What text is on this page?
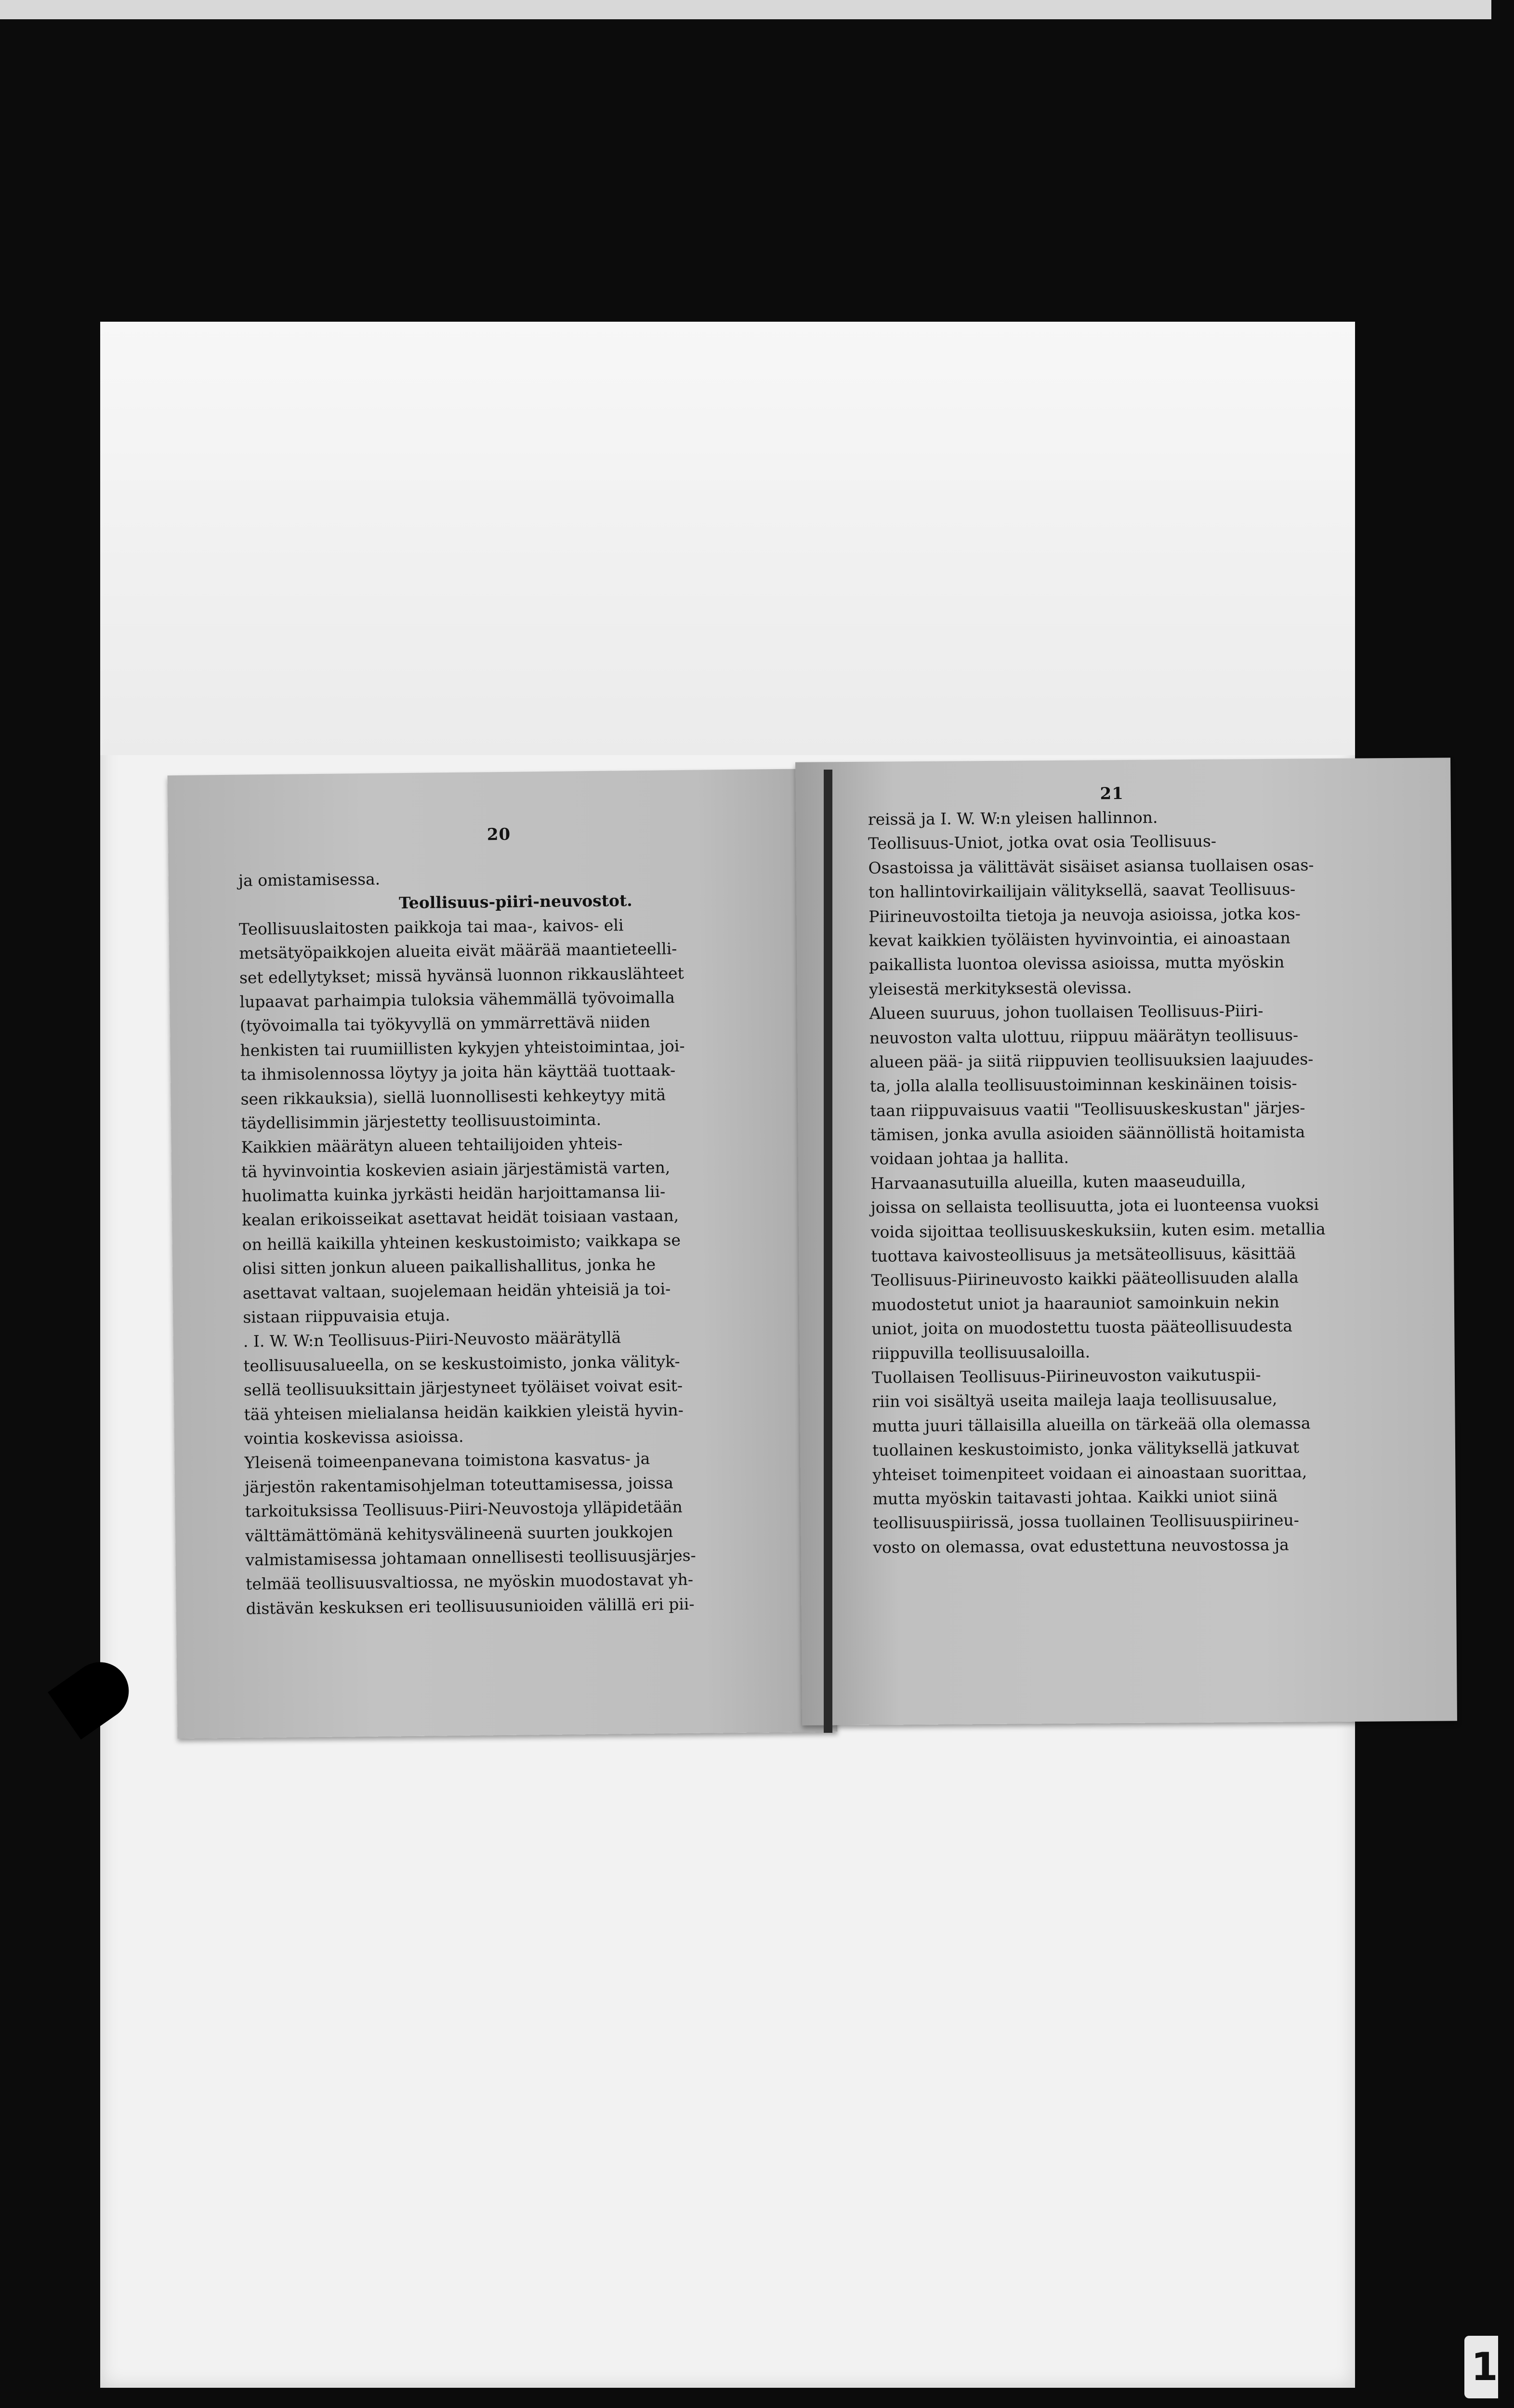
20
ja omistamisessa.
Teollisuus-piiri-neuvostot.
Teollisuuslaitosten paikkoja tai maa-, kaivos- eli
metsätyöpaikkojen alueita eivät määrää maantieteelli-
set edellytykset; missä hyvänsä luonnon rikkauslähteet
lupaavat parhaimpia tuloksia vähemmällä työvoimalla
(työvoimalla tai työkyvyllä on ymmärrettävä niiden
henkisten tai ruumiillisten kykyjen yhteistoimintaa, joi-
ta ihmisolennossa löytyy ja joita hän käyttää tuottaak-
seen rikkauksia), siellä luonnollisesti kehkeytyy mitä
täydellisimmin järjestetty teollisuustoiminta.
Kaikkien määrätyn alueen tehtailijoiden yhteis-
tä hyvinvointia koskevien asiain järjestämistä varten,
huolimatta kuinka jyrkästi heidän harjoittamansa lii-
kealan erikoisseikat asettavat heidät toisiaan vastaan,
on heillä kaikilla yhteinen keskustoimisto; vaikkapa se
olisi sitten jonkun alueen paikallishallitus, jonka he
asettavat valtaan, suojelemaan heidän yhteisiä ja toi-
sistaan riippuvaisia etuja.
. I. W. W:n Teollisuus-Piiri-Neuvosto määrätyllä
teollisuusalueella, on se keskustoimisto, jonka välityk-
sellä teollisuuksittain järjestyneet työläiset voivat esit-
tää yhteisen mielialansa heidän kaikkien yleistä hyvin-
vointia koskevissa asioissa.
Yleisenä toimeenpanevana toimistona kasvatus- ja
järjestön rakentamisohjelman toteuttamisessa, joissa
tarkoituksissa Teollisuus-Piiri-Neuvostoja ylläpidetään
välttämättömänä kehitysvälineenä suurten joukkojen
valmistamisessa johtamaan onnellisesti teollisuusjärjes-
telmää teollisuusvaltiossa, ne myöskin muodostavat yh-
distävän keskuksen eri teollisuusunioiden välillä eri pii-
21
reissä ja I. W. W:n yleisen hallinnon.
Teollisuus-Uniot, jotka ovat osia Teollisuus-
Osastoissa ja välittävät sisäiset asiansa tuollaisen osas-
ton hallintovirkailijain välityksellä, saavat Teollisuus-
Piirineuvostoilta tietoja ja neuvoja asioissa, jotka kos-
kevat kaikkien työläisten hyvinvointia, ei ainoastaan
paikallista luontoa olevissa asioissa, mutta myöskin
yleisestä merkityksestä olevissa.
Alueen suuruus, johon tuollaisen Teollisuus-Piiri-
neuvoston valta ulottuu, riippuu määrätyn teollisuus-
alueen pää- ja siitä riippuvien teollisuuksien laajuudes-
ta, jolla alalla teollisuustoiminnan keskinäinen toisis-
taan riippuvaisuus vaatii "Teollisuuskeskustan" järjes-
tämisen, jonka avulla asioiden säännöllistä hoitamista
voidaan johtaa ja hallita.
Harvaanasutuilla alueilla, kuten maaseuduilla,
joissa on sellaista teollisuutta, jota ei luonteensa vuoksi
voida sijoittaa teollisuuskeskuksiin, kuten esim. metallia
tuottava kaivosteollisuus ja metsäteollisuus, käsittää
Teollisuus-Piirineuvosto kaikki pääteollisuuden alalla
muodostetut uniot ja haarauniot samoinkuin nekin
uniot, joita on muodostettu tuosta pääteollisuudesta
riippuvilla teollisuusaloilla.
Tuollaisen Teollisuus-Piirineuvoston vaikutuspii-
riin voi sisältyä useita maileja laaja teollisuusalue,
mutta juuri tällaisilla alueilla on tärkeää olla olemassa
tuollainen keskustoimisto, jonka välityksellä jatkuvat
yhteiset toimenpiteet voidaan ei ainoastaan suorittaa,
mutta myöskin taitavasti johtaa. Kaikki uniot siinä
teollisuuspiirissä, jossa tuollainen Teollisuuspiirineu-
vosto on olemassa, ovat edustettuna neuvostossa ja
1
